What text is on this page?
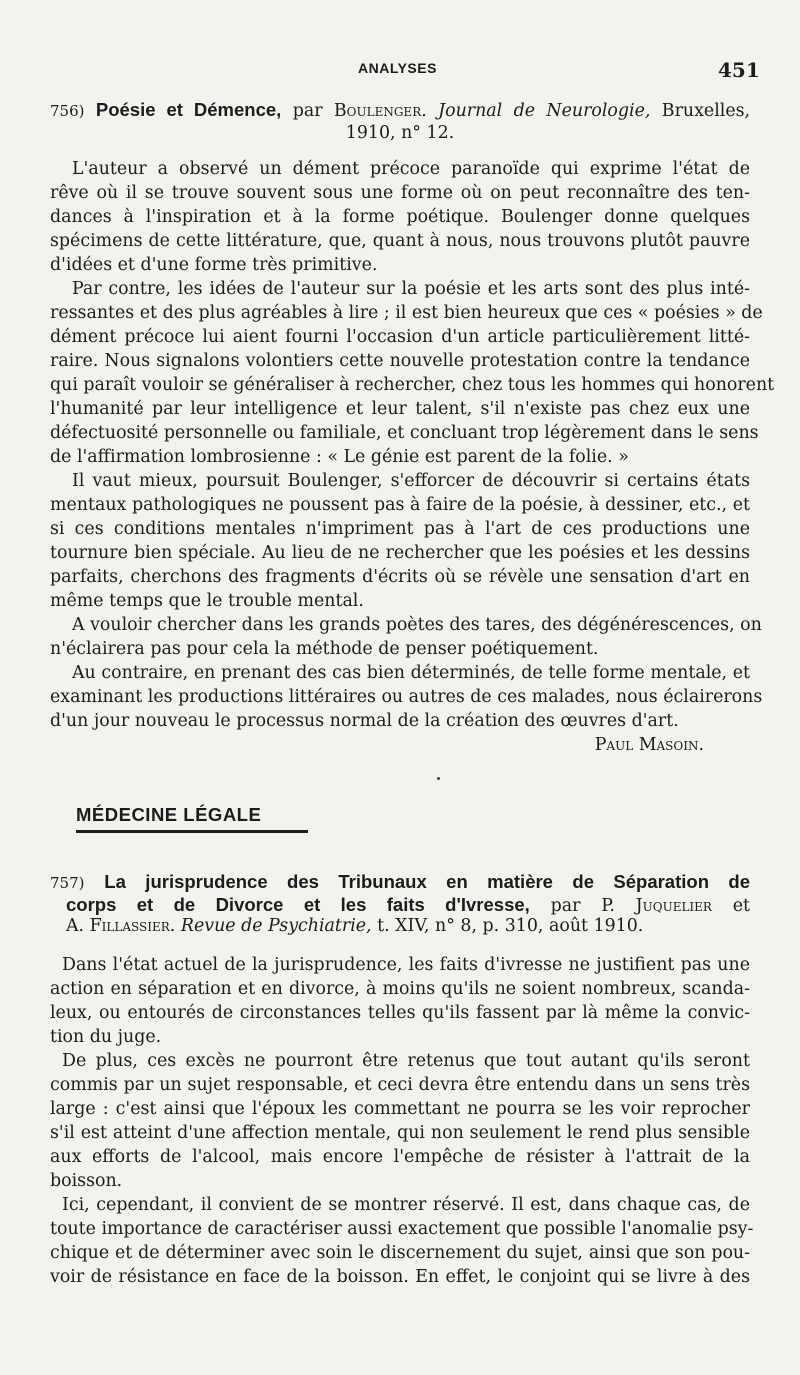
ANALYSES	451
756) Poésie et Démence, par Boulenger. Journal de Neurologie, Bruxelles,
1910, n° 12.
L'auteur a observé un dément précoce paranoïde qui exprime l'état de
rêve où il se trouve souvent sous une forme où on peut reconnaître des ten-
dances à l'inspiration et à la forme poétique. Boulenger donne quelques
spécimens de cette littérature, que, quant à nous, nous trouvons plutôt pauvre
d'idées et d'une forme très primitive.
Par contre, les idées de l'auteur sur la poésie et les arts sont des plus inté-
ressantes et des plus agréables à lire ; il est bien heureux que ces « poésies » de
dément précoce lui aient fourni l'occasion d'un article particulièrement litté-
raire. Nous signalons volontiers cette nouvelle protestation contre la tendance
qui paraît vouloir se généraliser à rechercher, chez tous les hommes qui honorent
l'humanité par leur intelligence et leur talent, s'il n'existe pas chez eux une
défectuosité personnelle ou familiale, et concluant trop légèrement dans le sens
de l'affirmation lombrosienne : « Le génie est parent de la folie. »
Il vaut mieux, poursuit Boulenger, s'efforcer de découvrir si certains états
mentaux pathologiques ne poussent pas à faire de la poésie, à dessiner, etc., et
si ces conditions mentales n'impriment pas à l'art de ces productions une
tournure bien spéciale. Au lieu de ne rechercher que les poésies et les dessins
parfaits, cherchons des fragments d'écrits où se révèle une sensation d'art en
même temps que le trouble mental.
A vouloir chercher dans les grands poètes des tares, des dégénérescences, on
n'éclairera pas pour cela la méthode de penser poétiquement.
Au contraire, en prenant des cas bien déterminés, de telle forme mentale, et
examinant les productions littéraires ou autres de ces malades, nous éclairerons
d'un jour nouveau le processus normal de la création des œuvres d'art.
Paul Masoin.
MÉDECINE LÉGALE
757) La jurisprudence des Tribunaux en matière de Séparation de
corps et de Divorce et les faits d'Ivresse, par P. Juquelier et
A. Fillassier. Revue de Psychiatrie, t. XIV, n° 8, p. 310, août 1910.
Dans l'état actuel de la jurisprudence, les faits d'ivresse ne justifient pas une
action en séparation et en divorce, à moins qu'ils ne soient nombreux, scanda-
leux, ou entourés de circonstances telles qu'ils fassent par là même la convic-
tion du juge.
De plus, ces excès ne pourront être retenus que tout autant qu'ils seront
commis par un sujet responsable, et ceci devra être entendu dans un sens très
large : c'est ainsi que l'époux les commettant ne pourra se les voir reprocher
s'il est atteint d'une affection mentale, qui non seulement le rend plus sensible
aux efforts de l'alcool, mais encore l'empêche de résister à l'attrait de la
boisson.
Ici, cependant, il convient de se montrer réservé. Il est, dans chaque cas, de
toute importance de caractériser aussi exactement que possible l'anomalie psy-
chique et de déterminer avec soin le discernement du sujet, ainsi que son pou-
voir de résistance en face de la boisson. En effet, le conjoint qui se livre à des
